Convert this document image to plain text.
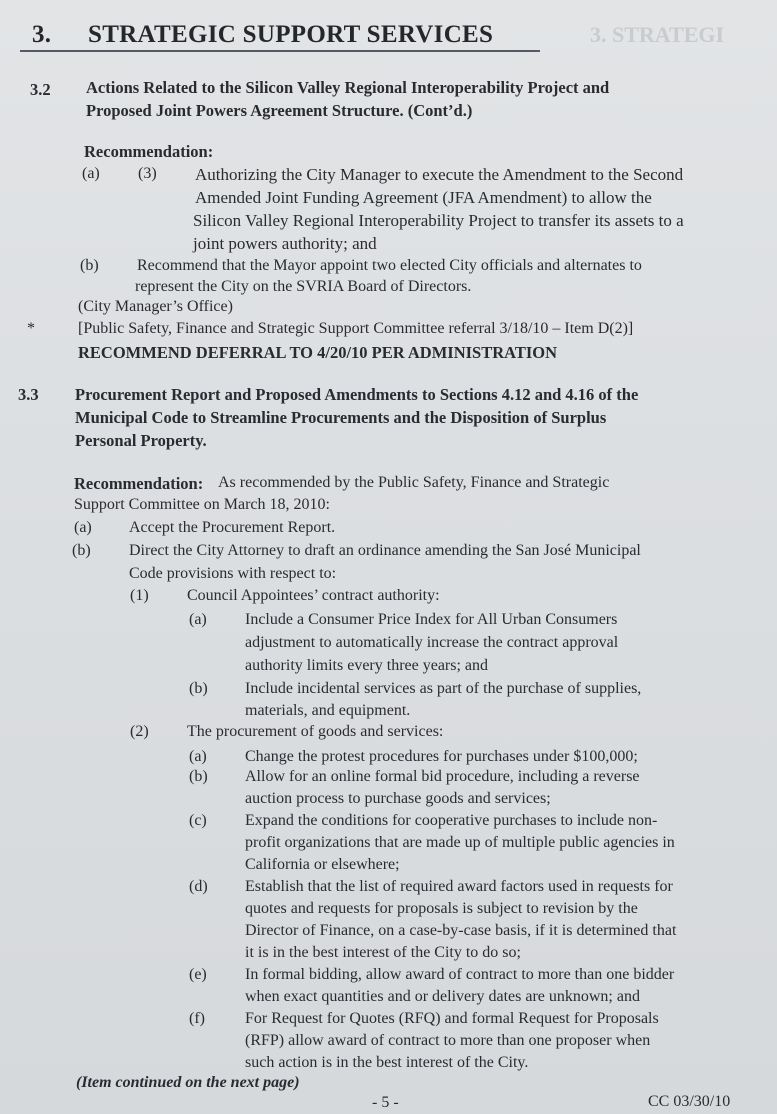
3. STRATEGI
3. STRATEGIC SUPPORT SERVICES
3.2 Actions Related to the Silicon Valley Regional Interoperability Project and
Proposed Joint Powers Agreement Structure. (Cont’d.)
Recommendation:
(a) (3) Authorizing the City Manager to execute the Amendment to the Second
Amended Joint Funding Agreement (JFA Amendment) to allow the
Silicon Valley Regional Interoperability Project to transfer its assets to a
joint powers authority; and
(b) Recommend that the Mayor appoint two elected City officials and alternates to
represent the City on the SVRIA Board of Directors.
(City Manager’s Office)
*	[Public Safety, Finance and Strategic Support Committee referral 3/18/10 – Item D(2)]
RECOMMEND DEFERRAL TO 4/20/10 PER ADMINISTRATION
3.3 Procurement Report and Proposed Amendments to Sections 4.12 and 4.16 of the
Municipal Code to Streamline Procurements and the Disposition of Surplus
Personal Property.
Recommendation: As recommended by the Public Safety, Finance and Strategic
Support Committee on March 18, 2010:
(a) Accept the Procurement Report.
(b) Direct the City Attorney to draft an ordinance amending the San José Municipal
Code provisions with respect to:
(1) Council Appointees’ contract authority:
(a) Include a Consumer Price Index for All Urban Consumers
adjustment to automatically increase the contract approval
authority limits every three years; and
(b) Include incidental services as part of the purchase of supplies,
materials, and equipment.
(2) The procurement of goods and services:
(a) Change the protest procedures for purchases under $100,000;
(b) Allow for an online formal bid procedure, including a reverse
auction process to purchase goods and services;
(c) Expand the conditions for cooperative purchases to include non-
profit organizations that are made up of multiple public agencies in
California or elsewhere;
(d) Establish that the list of required award factors used in requests for
quotes and requests for proposals is subject to revision by the
Director of Finance, on a case-by-case basis, if it is determined that
it is in the best interest of the City to do so;
(e) In formal bidding, allow award of contract to more than one bidder
when exact quantities and or delivery dates are unknown; and
(f)	For Request for Quotes (RFQ) and formal Request for Proposals
(RFP) allow award of contract to more than one proposer when
such action is in the best interest of the City.
(Item continued on the next page)
- 5 -	CC 03/30/10
